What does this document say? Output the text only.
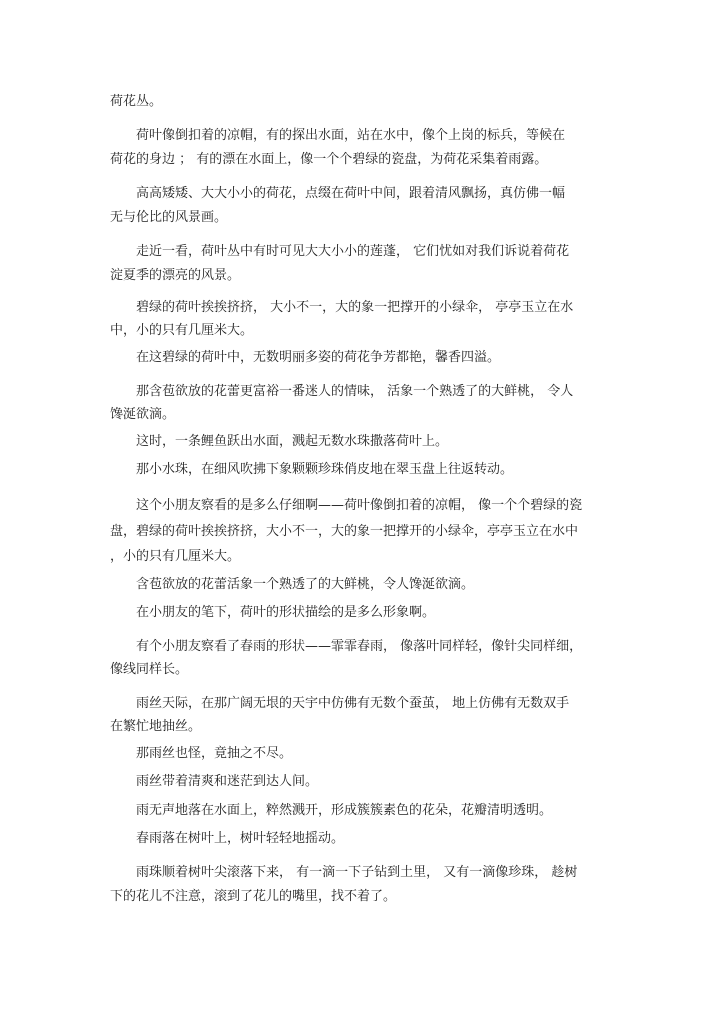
荷花丛。
荷叶像倒扣着的凉帽，有的探出水面，站在水中，像个上岗的标兵，等候在
荷花的身边 ； 有的漂在水面上，像一个个碧绿的瓷盘，为荷花采集着雨露。
高高矮矮、大大小小的荷花，点缀在荷叶中间，跟着清风飘扬，真仿佛一幅
无与伦比的风景画。
走近一看，荷叶丛中有时可见大大小小的莲蓬， 它们忧如对我们诉说着荷花
淀夏季的漂亮的风景。
碧绿的荷叶挨挨挤挤， 大小不一，大的象一把撑开的小绿伞， 亭亭玉立在水
中，小的只有几厘米大。
在这碧绿的荷叶中，无数明丽多姿的荷花争芳都艳，馨香四溢。
那含苞欲放的花蕾更富裕一番迷人的情味， 活象一个熟透了的大鲜桃， 令人
馋涎欲滴。
这时，一条鲤鱼跃出水面，溅起无数水珠撒落荷叶上。
那小水珠，在细风吹拂下象颗颗珍珠俏皮地在翠玉盘上往返转动。
这个小朋友察看的是多么仔细啊——荷叶像倒扣着的凉帽， 像一个个碧绿的瓷
盘，碧绿的荷叶挨挨挤挤，大小不一，大的象一把撑开的小绿伞，亭亭玉立在水中
，小的只有几厘米大。
含苞欲放的花蕾活象一个熟透了的大鲜桃，令人馋涎欲滴。
在小朋友的笔下，荷叶的形状描绘的是多么形象啊。
有个小朋友察看了春雨的形状——霏霏春雨， 像落叶同样轻，像针尖同样细，
像线同样长。
雨丝天际，在那广阔无垠的天宇中仿佛有无数个蚕茧， 地上仿佛有无数双手
在繁忙地抽丝。
那雨丝也怪，竟抽之不尽。
雨丝带着清爽和迷茫到达人间。
雨无声地落在水面上，粹然溅开，形成簇簇素色的花朵，花瓣清明透明。
春雨落在树叶上，树叶轻轻地摇动。
雨珠顺着树叶尖滚落下来， 有一滴一下子钻到土里， 又有一滴像珍珠， 趁树
下的花儿不注意，滚到了花儿的嘴里，找不着了。
